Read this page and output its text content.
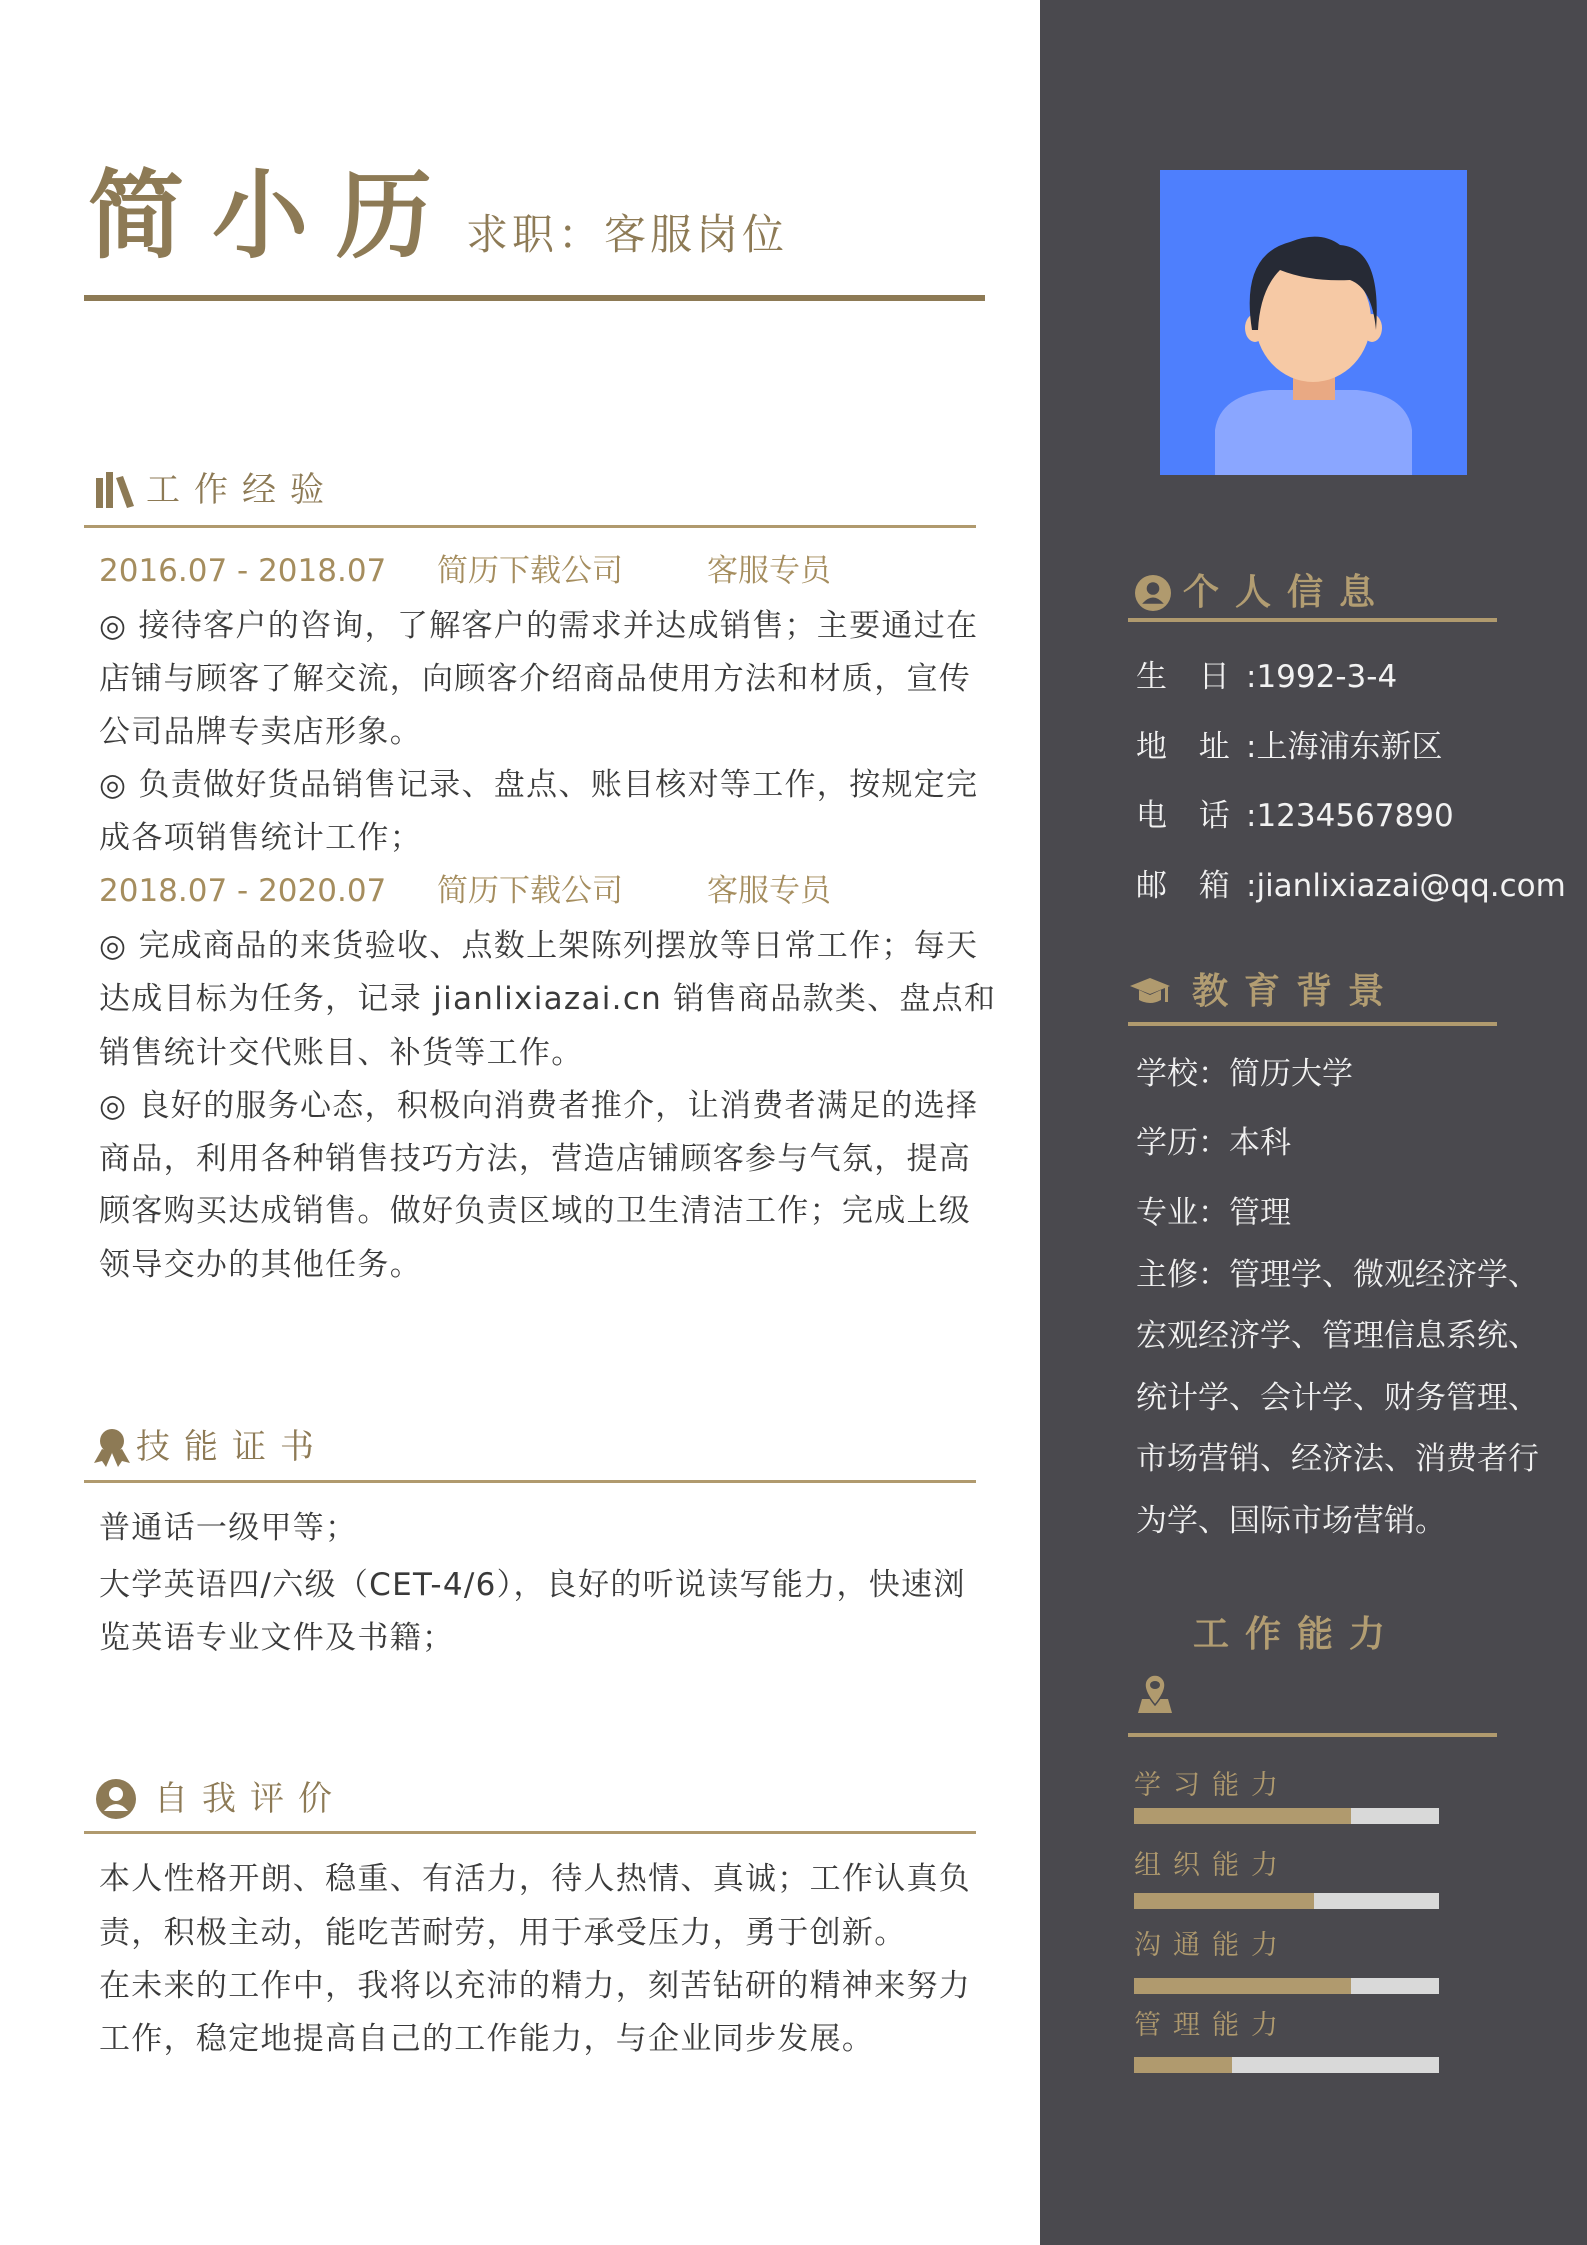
简小历 求职：客服岗位
工作经验
2016.07 - 2018.07 简历下载公司	客服专员
◎ 接待客户的咨询，了解客户的需求并达成销售；主要通过在
店铺与顾客了解交流，向顾客介绍商品使用方法和材质，宣传
公司品牌专卖店形象。
◎ 负责做好货品销售记录、盘点、账目核对等工作，按规定完
成各项销售统计工作；
2018.07 - 2020.07 简历下载公司	客服专员
◎ 完成商品的来货验收、点数上架陈列摆放等日常工作；每天
达成目标为任务，记录 jianlixiazai.cn 销售商品款类、盘点和
销售统计交代账目、补货等工作。
◎ 良好的服务心态，积极向消费者推介，让消费者满足的选择
商品，利用各种销售技巧方法，营造店铺顾客参与气氛，提高
顾客购买达成销售。做好负责区域的卫生清洁工作；完成上级
领导交办的其他任务。
技能证书
普通话一级甲等；
大学英语四/六级（CET-4/6），良好的听说读写能力，快速浏
览英语专业文件及书籍；
自我评价
本人性格开朗、稳重、有活力，待人热情、真诚；工作认真负
责，积极主动，能吃苦耐劳，用于承受压力，勇于创新。
在未来的工作中，我将以充沛的精力，刻苦钻研的精神来努力
工作，稳定地提高自己的工作能力，与企业同步发展。
个人信息
生  日 :1992-3-4
地  址 :上海浦东新区
电  话 :1234567890
邮  箱 :jianlixiazai@qq.com
教育背景
学校：简历大学
学历：本科
专业：管理
主修：管理学、微观经济学、
宏观经济学、管理信息系统、
统计学、会计学、财务管理、
市场营销、经济法、消费者行
为学、国际市场营销。
工作能力
学习能力
组织能力
沟通能力
管理能力
